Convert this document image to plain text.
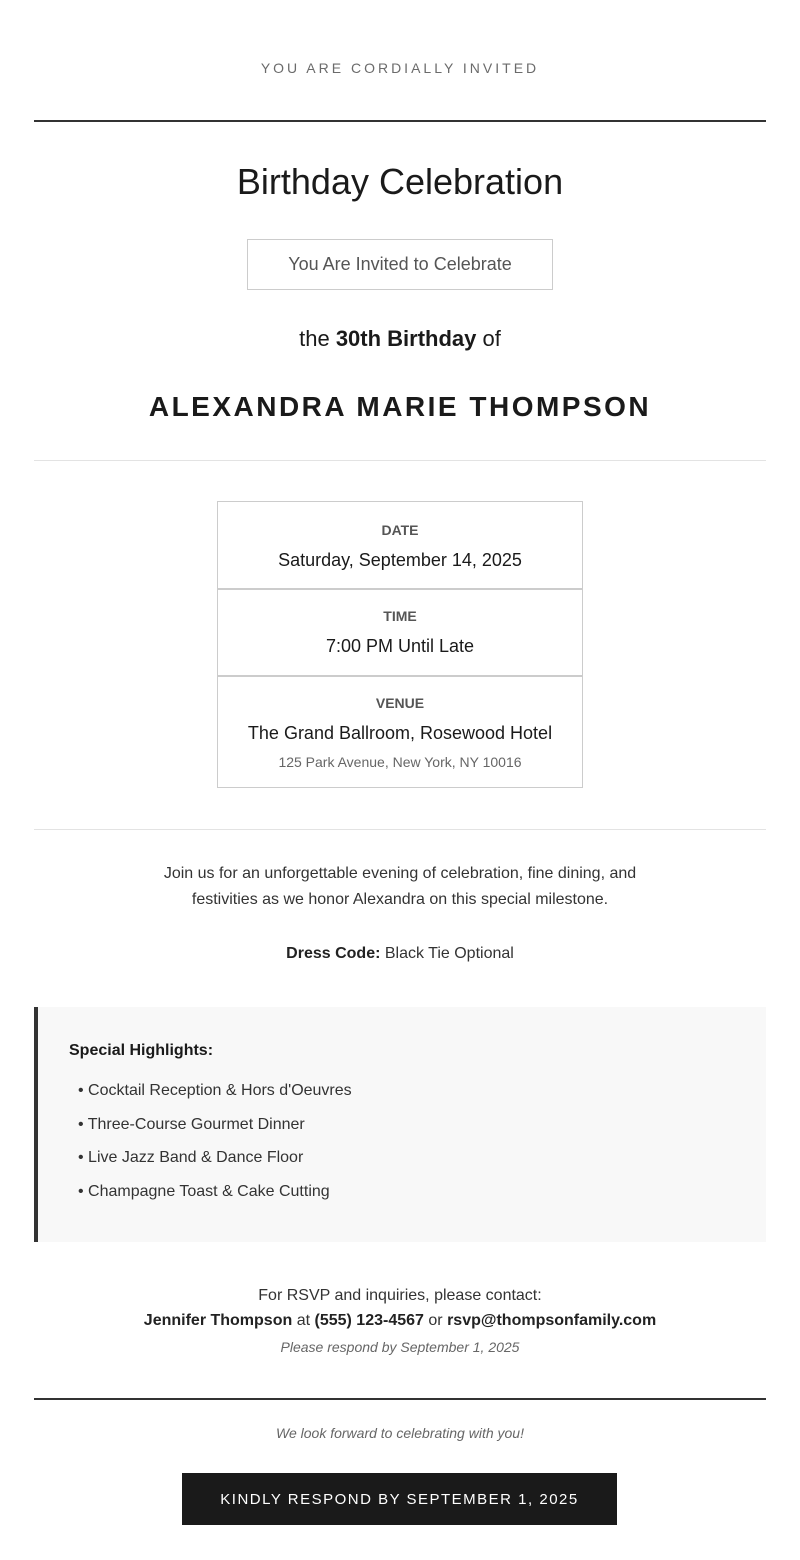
YOU ARE CORDIALLY INVITED
Birthday Celebration
You Are Invited to Celebrate
the 30th Birthday of
ALEXANDRA MARIE THOMPSON
DATE
Saturday, September 14, 2025
TIME
7:00 PM Until Late
VENUE
The Grand Ballroom, Rosewood Hotel
125 Park Avenue, New York, NY 10016
Join us for an unforgettable evening of celebration, fine dining, and festivities as we honor Alexandra on this special milestone.
Dress Code: Black Tie Optional
Special Highlights:
• Cocktail Reception & Hors d'Oeuvres
• Three-Course Gourmet Dinner
• Live Jazz Band & Dance Floor
• Champagne Toast & Cake Cutting
For RSVP and inquiries, please contact:
Jennifer Thompson at (555) 123-4567 or rsvp@thompsonfamily.com
Please respond by September 1, 2025
We look forward to celebrating with you!
KINDLY RESPOND BY SEPTEMBER 1, 2025
